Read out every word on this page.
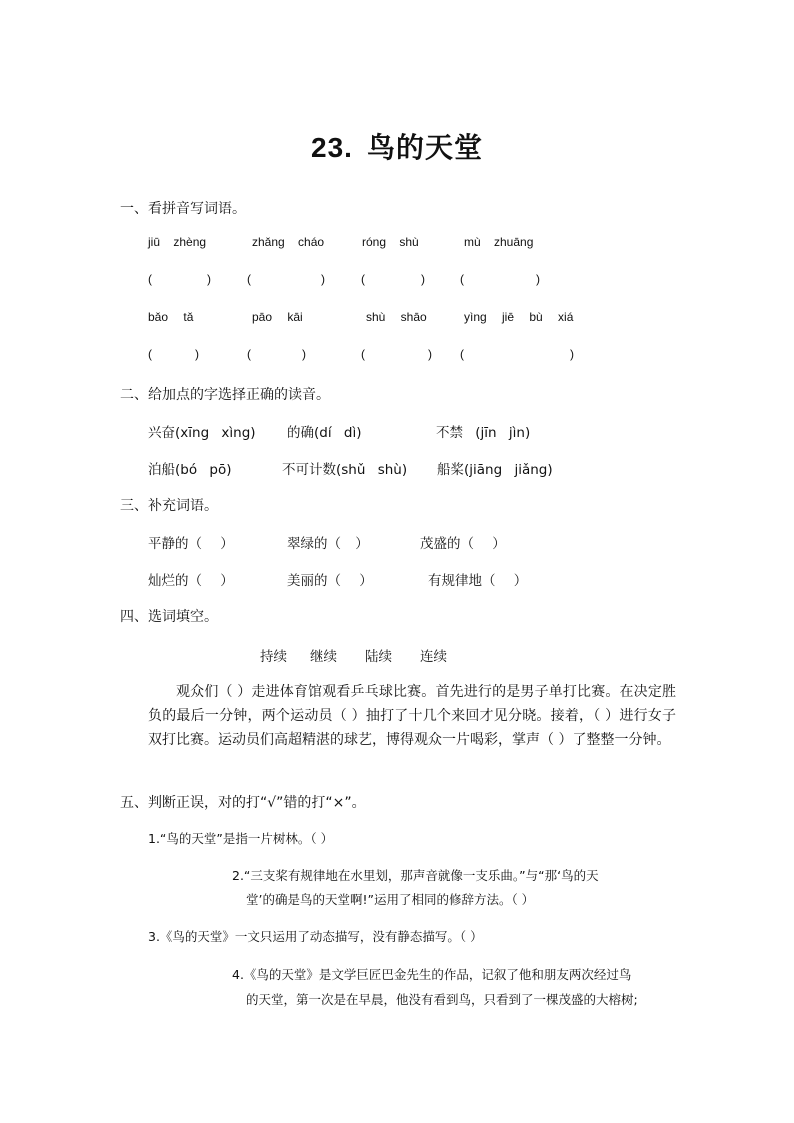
23. 鸟的天堂
一、看拼音写词语。
jiū zhèng	zhǎng cháo	róng shù	mù zhuāng
(	)	(	)	(	)	(	)
bǎo tǎ	pāo kāi	shù shāo	yìng jiē bù xiá
(	)	(	)	(	) (	)
二、给加点的字选择正确的读音。
兴奋(xīng xìng) 的确(dí dì)	不禁 (jīn jìn)
泊船(bó pō)	不可计数(shǔ shù) 船桨(jiāng jiǎng)
三、补充词语。
平静的（ ）	翠绿的（ ）	茂盛的（ ）
灿烂的（ ）	美丽的（ ）	有规律地（ ）
四、选词填空。
持续 继续 陆续 连续
观众们（ ）走进体育馆观看乒乓球比赛。首先进行的是男子单打比赛。在决定胜负的最后一分钟，两个运动员（ ）抽打了十几个来回才见分晓。接着，（ ）进行女子双打比赛。运动员们高超精湛的球艺，博得观众一片喝彩，掌声（ ）了整整一分钟。
五、判断正误，对的打“√”错的打“×”。
1.“鸟的天堂”是指一片树林。（ ）
2.“三支桨有规律地在水里划，那声音就像一支乐曲。”与“那‘鸟的天
堂’的确是鸟的天堂啊!”运用了相同的修辞方法。（ ）
3.《鸟的天堂》一文只运用了动态描写，没有静态描写。（ ）
4.《鸟的天堂》是文学巨匠巴金先生的作品，记叙了他和朋友两次经过鸟
的天堂，第一次是在早晨，他没有看到鸟，只看到了一棵茂盛的大榕树;
